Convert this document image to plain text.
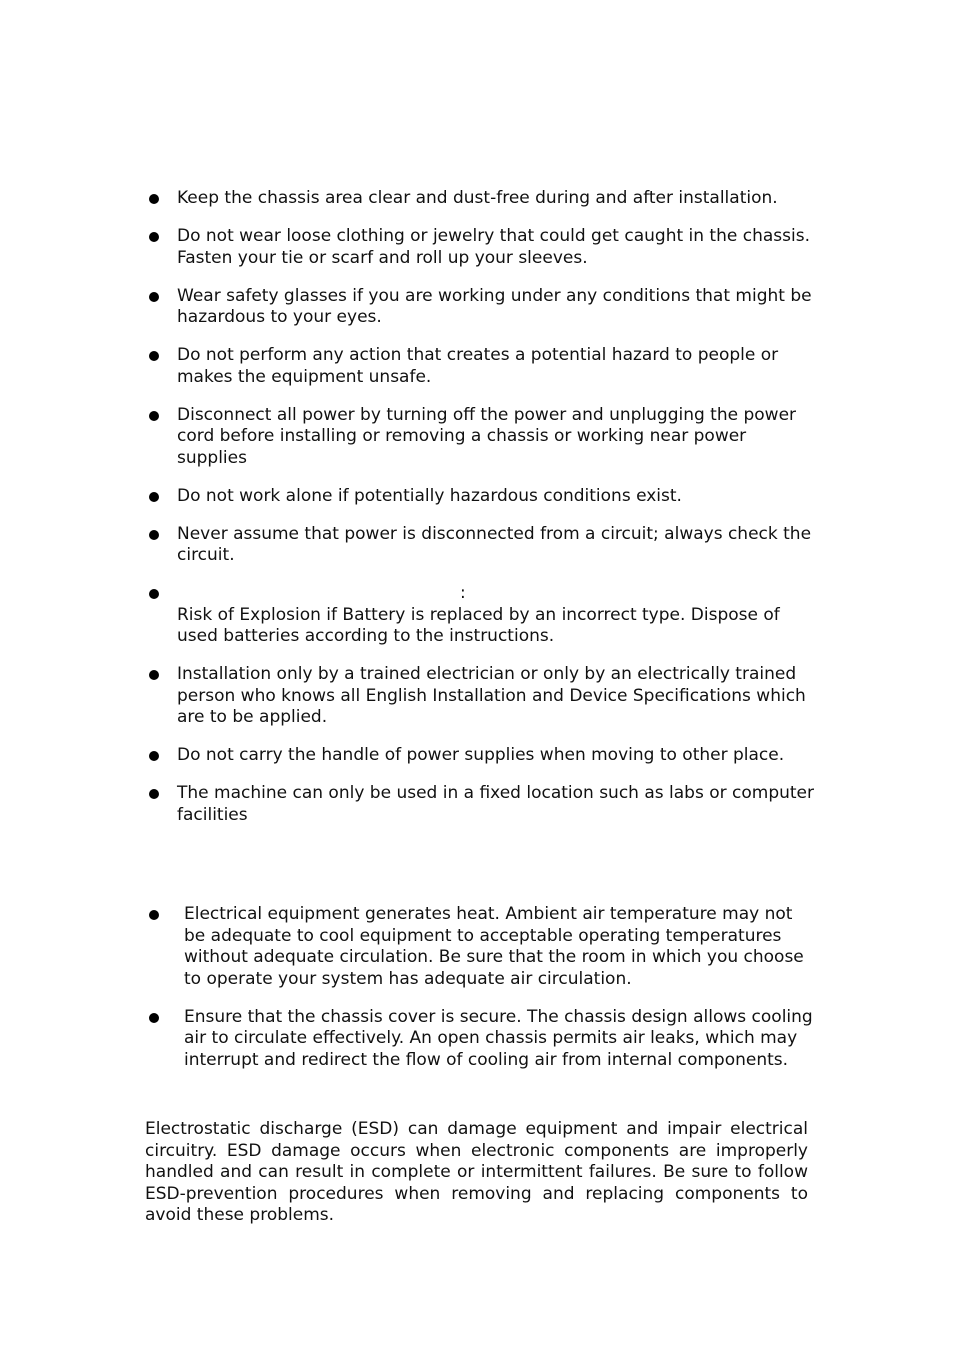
Keep the chassis area clear and dust-free during and after installation.
Do not wear loose clothing or jewelry that could get caught in the chassis. Fasten your tie or scarf and roll up your sleeves.
Wear safety glasses if you are working under any conditions that might be hazardous to your eyes.
Do not perform any action that creates a potential hazard to people or makes the equipment unsafe.
Disconnect all power by turning off the power and unplugging the power cord before installing or removing a chassis or working near power supplies
Do not work alone if potentially hazardous conditions exist.
Never assume that power is disconnected from a circuit; always check the circuit.
:
Risk of Explosion if Battery is replaced by an incorrect type. Dispose of used batteries according to the instructions.
Installation only by a trained electrician or only by an electrically trained person who knows all English Installation and Device Specifications which are to be applied.
Do not carry the handle of power supplies when moving to other place.
The machine can only be used in a fixed location such as labs or computer facilities
Electrical equipment generates heat. Ambient air temperature may not be adequate to cool equipment to acceptable operating temperatures without adequate circulation. Be sure that the room in which you choose to operate your system has adequate air circulation.
Ensure that the chassis cover is secure. The chassis design allows cooling air to circulate effectively. An open chassis permits air leaks, which may interrupt and redirect the flow of cooling air from internal components.

Electrostatic discharge (ESD) can damage equipment and impair electrical circuitry. ESD damage occurs when electronic components are improperly handled and can result in complete or intermittent failures. Be sure to follow ESD-prevention procedures when removing and replacing components to avoid these problems.
